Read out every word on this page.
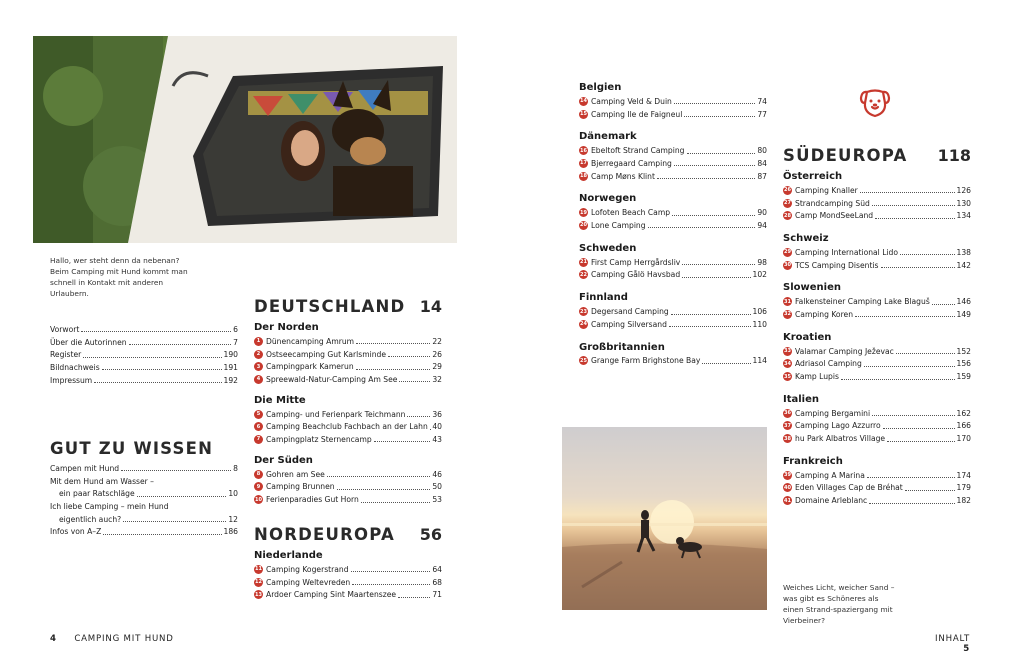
Hallo, wer steht denn da nebenan? Beim Camping mit Hund kommt man schnell in Kontakt mit anderen Urlaubern.
Vorwort	6
Über die Autorinnen	7
Register	190
Bildnachweis	191
Impressum	192
GUT ZU WISSEN
Campen mit Hund	8
Mit dem Hund am Wasser –
ein paar Ratschläge	10
Ich liebe Camping – mein Hund
eigentlich auch?	12
Infos von A–Z	186
DEUTSCHLAND 14
Der Norden
1 Dünencamping Amrum	22
2 Ostseecamping Gut Karlsminde	26
3 Campingpark Kamerun	29
4 Spreewald-Natur-Camping Am See	32
Die Mitte
5 Camping- und Ferienpark Teichmann	36
6 Camping Beachclub Fachbach an der Lahn 40
7 Campingplatz Sternencamp	43
Der Süden
8 Gohren am See	46
9 Camping Brunnen	50
10 Ferienparadies Gut Horn	53
NORDEUROPA 56
Niederlande
11 Camping Kogerstrand	64
12 Camping Weltevreden	68
13 Ardoer Camping Sint Maartenszee	71
4 CAMPING MIT HUND
Belgien
14 Camping Veld & Duin	74
15 Camping Ile de Faigneul	77
Dänemark
16 Ebeltoft Strand Camping	80
17 Bjerregaard Camping	84
18 Camp Møns Klint	87
Norwegen
19 Lofoten Beach Camp	90
20 Lone Camping	94
Schweden
21 First Camp Herrgårdsliv	98
22 Camping Gålö Havsbad	102
Finnland
23 Degersand Camping	106
24 Camping Silversand	110
Großbritannien
25 Grange Farm Brighstone Bay	114
Weiches Licht, weicher Sand – was gibt es Schöneres als einen Strand-spaziergang mit Vierbeiner?
SÜDEUROPA 118
Österreich
26 Camping Knaller	126
27 Strandcamping Süd	130
28 Camp MondSeeLand	134
Schweiz
29 Camping International Lido	138
30 TCS Camping Disentis	142
Slowenien
31 Falkensteiner Camping Lake Blaguš	146
32 Camping Koren	149
Kroatien
33 Valamar Camping Ježevac	152
34 Adriasol Camping	156
35 Kamp Lupis	159
Italien
36 Camping Bergamini	162
37 Camping Lago Azzurro	166
38 hu Park Albatros Village	170
Frankreich
39 Camping A Marina	174
40 Eden Villages Cap de Bréhat	179
41 Domaine Arleblanc	182
INHALT 5
